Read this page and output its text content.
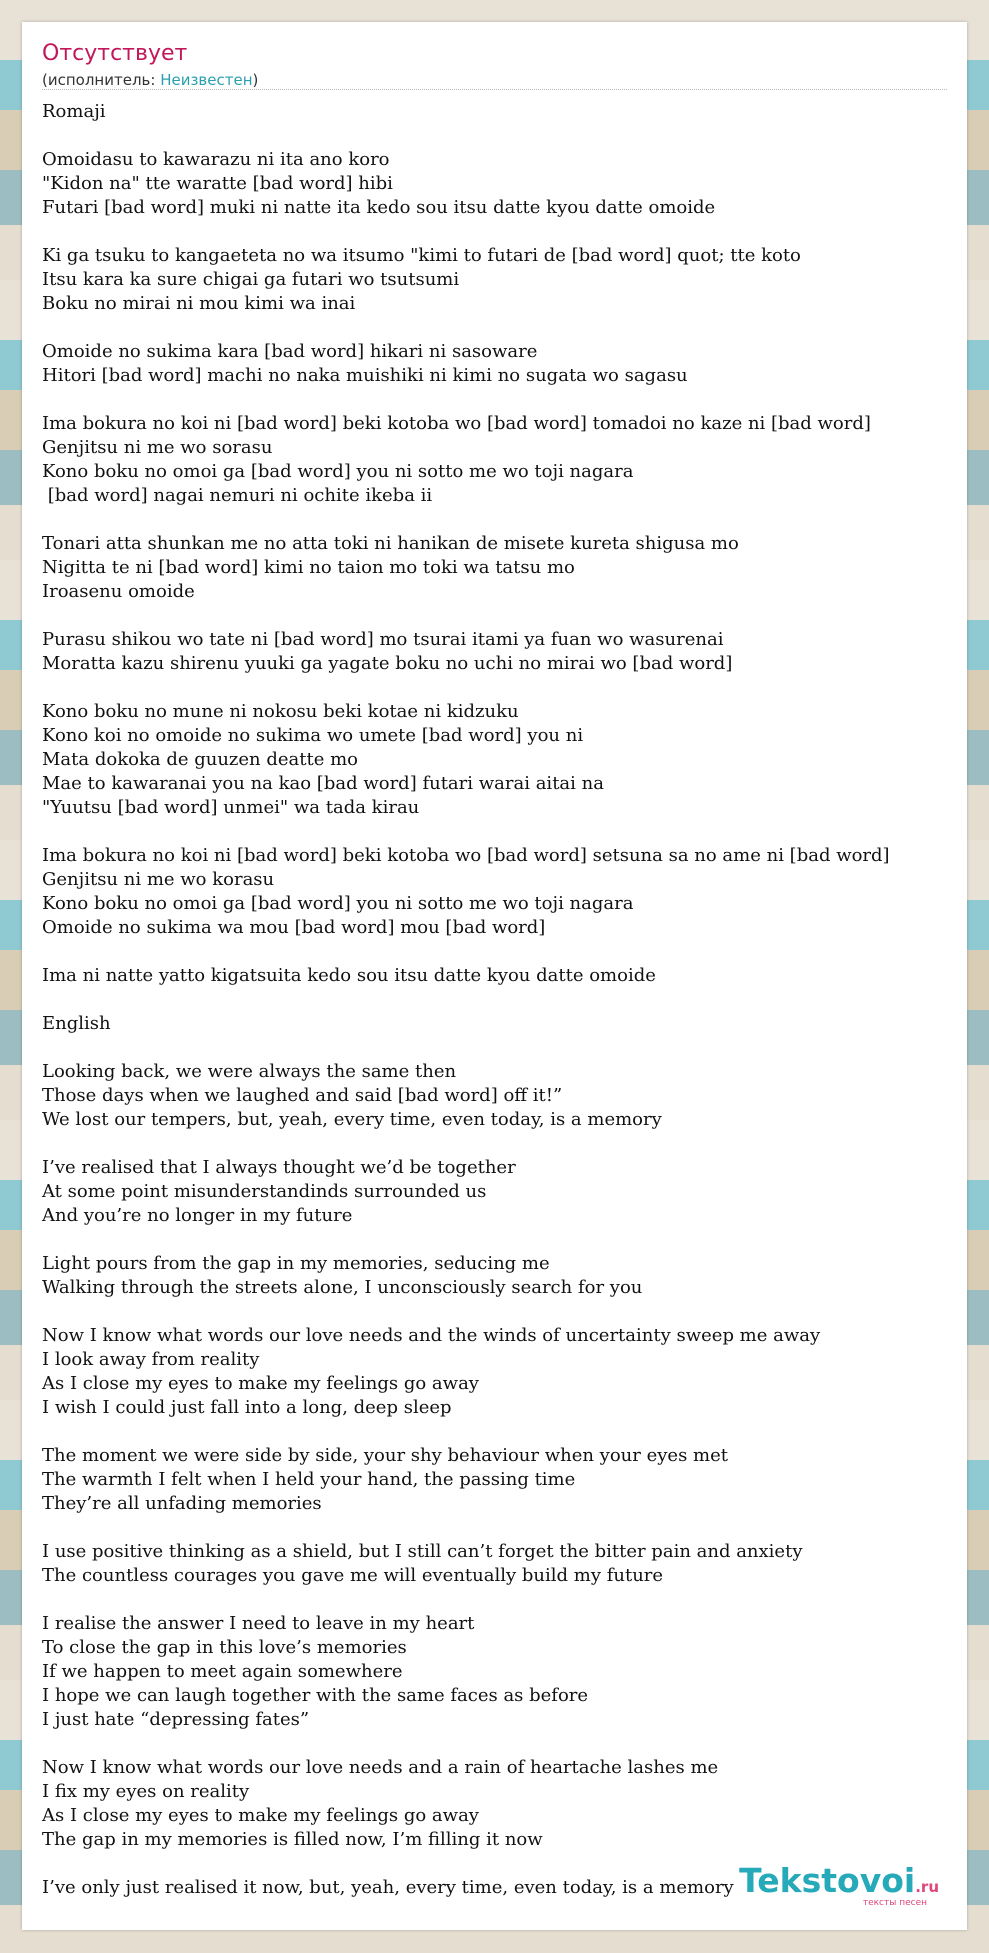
Отсутствует
(исполнитель: Неизвестен)
Romaji

Omoidasu to kawarazu ni ita ano koro
"Kidon na" tte waratte [bad word] hibi
Futari [bad word] muki ni natte ita kedo sou itsu datte kyou datte omoide

Ki ga tsuku to kangaeteta no wa itsumo "kimi to futari de [bad word] quot; tte koto
Itsu kara ka sure chigai ga futari wo tsutsumi
Boku no mirai ni mou kimi wa inai

Omoide no sukima kara [bad word] hikari ni sasoware
Hitori [bad word] machi no naka muishiki ni kimi no sugata wo sagasu

Ima bokura no koi ni [bad word] beki kotoba wo [bad word] tomadoi no kaze ni [bad word]
Genjitsu ni me wo sorasu
Kono boku no omoi ga [bad word] you ni sotto me wo toji nagara
[bad word] nagai nemuri ni ochite ikeba ii

Tonari atta shunkan me no atta toki ni hanikan de misete kureta shigusa mo
Nigitta te ni [bad word] kimi no taion mo toki wa tatsu mo
Iroasenu omoide

Purasu shikou wo tate ni [bad word] mo tsurai itami ya fuan wo wasurenai
Moratta kazu shirenu yuuki ga yagate boku no uchi no mirai wo [bad word]

Kono boku no mune ni nokosu beki kotae ni kidzuku
Kono koi no omoide no sukima wo umete [bad word] you ni
Mata dokoka de guuzen deatte mo
Mae to kawaranai you na kao [bad word] futari warai aitai na
"Yuutsu [bad word] unmei" wa tada kirau

Ima bokura no koi ni [bad word] beki kotoba wo [bad word] setsuna sa no ame ni [bad word]
Genjitsu ni me wo korasu
Kono boku no omoi ga [bad word] you ni sotto me wo toji nagara
Omoide no sukima wa mou [bad word] mou [bad word]

Ima ni natte yatto kigatsuita kedo sou itsu datte kyou datte omoide

English

Looking back, we were always the same then
Those days when we laughed and said [bad word] off it!”
We lost our tempers, but, yeah, every time, even today, is a memory

I’ve realised that I always thought we’d be together
At some point misunderstandinds surrounded us
And you’re no longer in my future

Light pours from the gap in my memories, seducing me
Walking through the streets alone, I unconsciously search for you

Now I know what words our love needs and the winds of uncertainty sweep me away
I look away from reality
As I close my eyes to make my feelings go away
I wish I could just fall into a long, deep sleep

The moment we were side by side, your shy behaviour when your eyes met
The warmth I felt when I held your hand, the passing time
They’re all unfading memories

I use positive thinking as a shield, but I still can’t forget the bitter pain and anxiety
The countless courages you gave me will eventually build my future

I realise the answer I need to leave in my heart
To close the gap in this love’s memories
If we happen to meet again somewhere
I hope we can laugh together with the same faces as before
I just hate “depressing fates”

Now I know what words our love needs and a rain of heartache lashes me
I fix my eyes on reality
As I close my eyes to make my feelings go away
The gap in my memories is filled now, I’m filling it now

I’ve only just realised it now, but, yeah, every time, even today, is a memory Tekstovoi.ru
тексты песен
